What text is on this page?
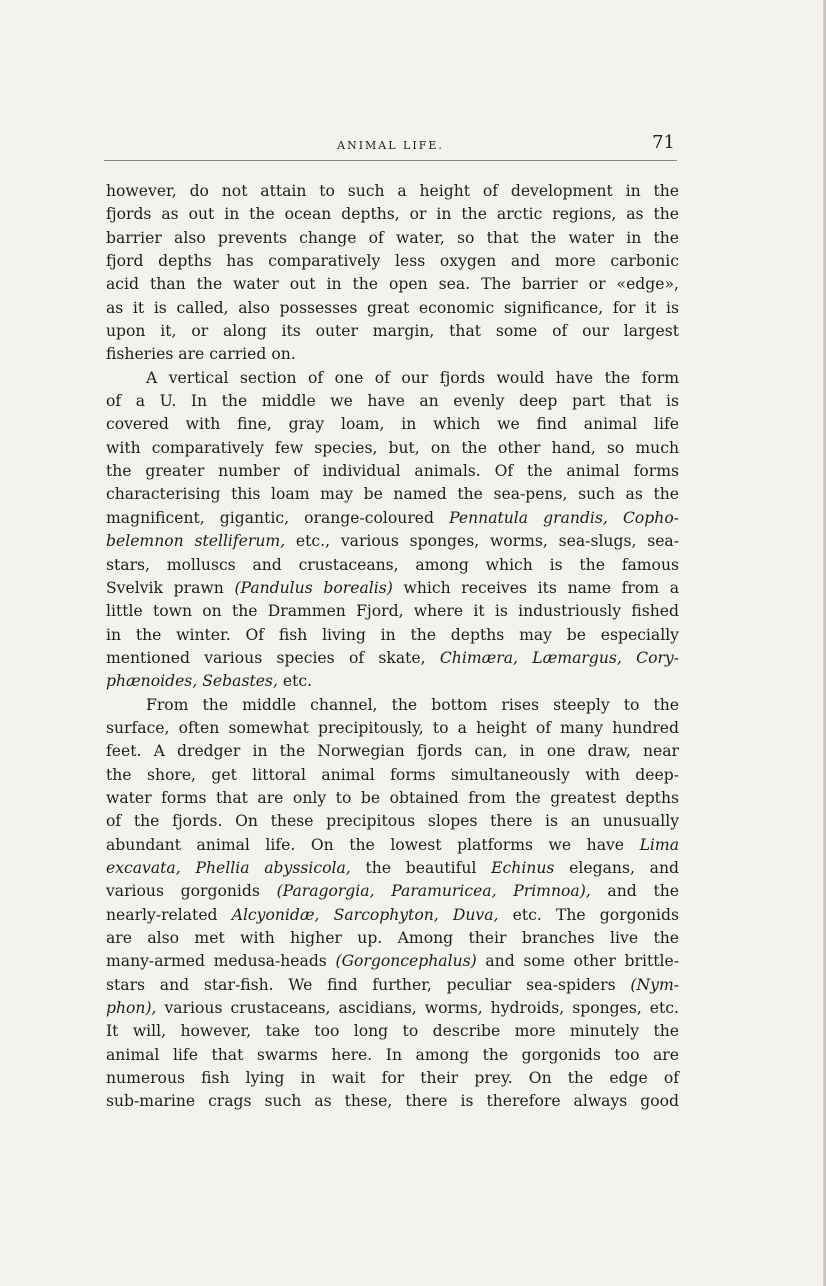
ANIMAL LIFE.	71
however, do not attain to such a height of development in the
fjords as out in the ocean depths, or in the arctic regions, as the
barrier also prevents change of water, so that the water in the
fjord depths has comparatively less oxygen and more carbonic
acid than the water out in the open sea. The barrier or «edge»,
as it is called, also possesses great economic significance, for it is
upon it, or along its outer margin, that some of our largest
fisheries are carried on.
A vertical section of one of our fjords would have the form
of a U. In the middle we have an evenly deep part that is
covered with fine, gray loam, in which we find animal life
with comparatively few species, but, on the other hand, so much
the greater number of individual animals. Of the animal forms
characterising this loam may be named the sea-pens, such as the
magnificent, gigantic, orange-coloured Pennatula grandis, Copho-
belemnon stelliferum, etc., various sponges, worms, sea-slugs, sea-
stars, molluscs and crustaceans, among which is the famous
Svelvik prawn (Pandulus borealis) which receives its name from a
little town on the Drammen Fjord, where it is industriously fished
in the winter. Of fish living in the depths may be especially
mentioned various species of skate, Chimæra, Læmargus, Cory-
phænoides, Sebastes, etc.
From the middle channel, the bottom rises steeply to the
surface, often somewhat precipitously, to a height of many hundred
feet. A dredger in the Norwegian fjords can, in one draw, near
the shore, get littoral animal forms simultaneously with deep-
water forms that are only to be obtained from the greatest depths
of the fjords. On these precipitous slopes there is an unusually
abundant animal life. On the lowest platforms we have Lima
excavata, Phellia abyssicola, the beautiful Echinus elegans, and
various gorgonids (Paragorgia, Paramuricea, Primnoa), and the
nearly-related Alcyonidæ, Sarcophyton, Duva, etc. The gorgonids
are also met with higher up. Among their branches live the
many-armed medusa-heads (Gorgoncephalus) and some other brittle-
stars and star-fish. We find further, peculiar sea-spiders (Nym-
phon), various crustaceans, ascidians, worms, hydroids, sponges, etc.
It will, however, take too long to describe more minutely the
animal life that swarms here. In among the gorgonids too are
numerous fish lying in wait for their prey. On the edge of
sub-marine crags such as these, there is therefore always good
